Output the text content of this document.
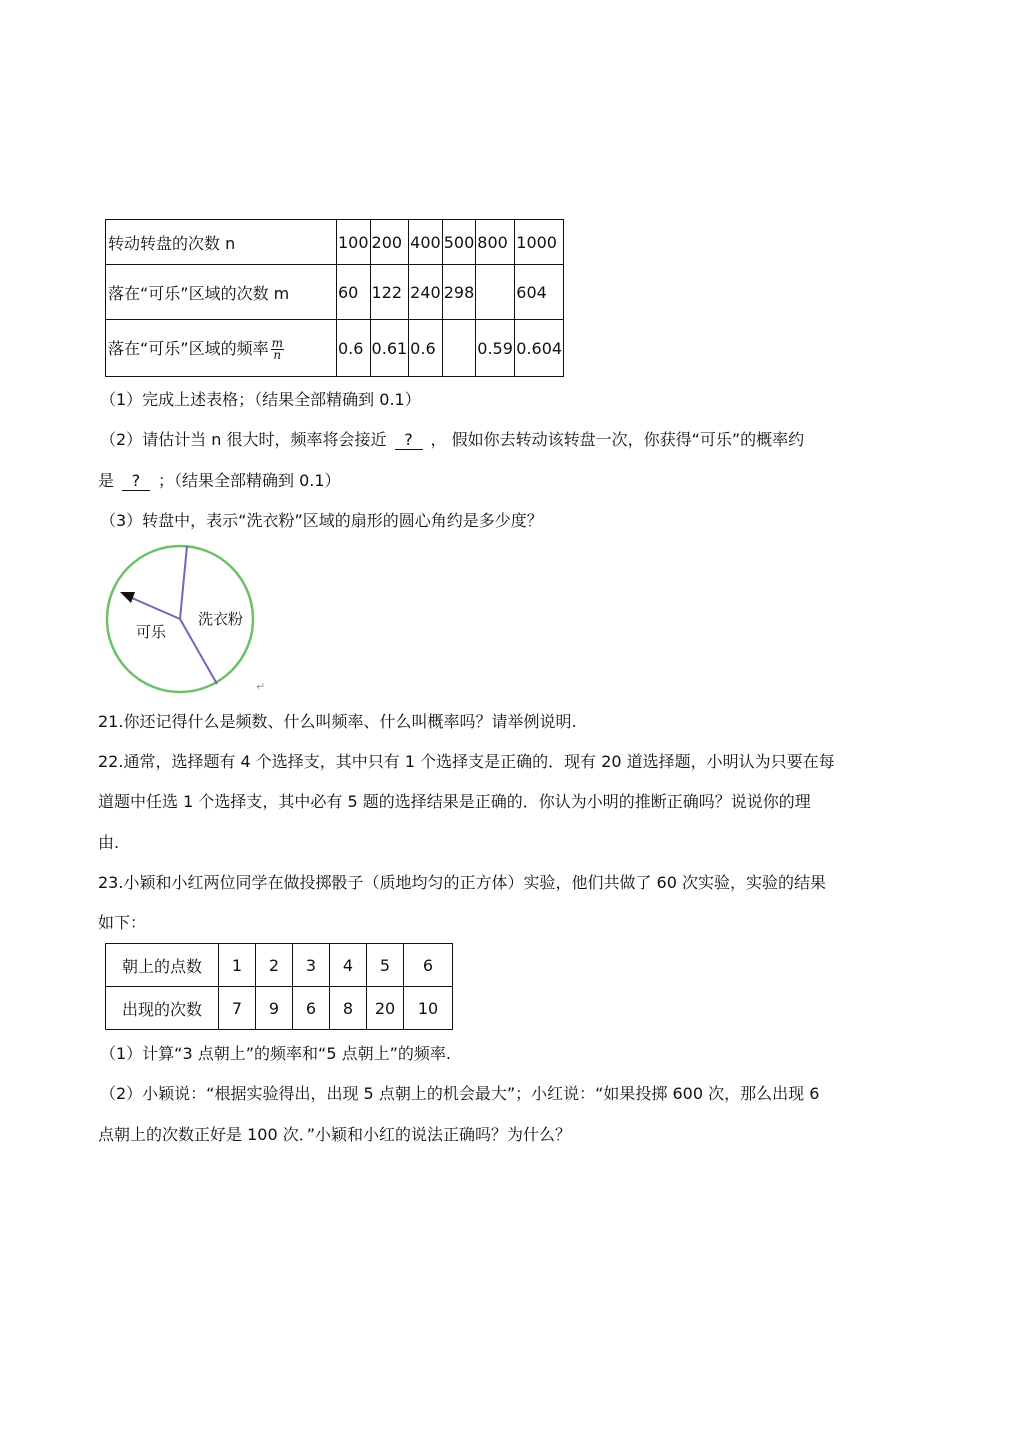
转动转盘的次数 n	100	200	400	500	800	1000
落在“可乐”区域的次数 m	60	122	240	298		604
落在“可乐”区域的频率 $\frac{m}{n}$	0.6	0.61	0.6		0.59	0.604
（1）完成上述表格；（结果全部精确到 0.1）
（2）请估计当 n 很大时，频率将会接近 ? ， 假如你去转动该转盘一次，你获得“可乐”的概率约
是 ? ；（结果全部精确到 0.1）
（3）转盘中，表示“洗衣粉”区域的扇形的圆心角约是多少度？
可乐
洗衣粉
↵
21.你还记得什么是频数、什么叫频率、什么叫概率吗？请举例说明.
22.通常，选择题有 4 个选择支，其中只有 1 个选择支是正确的．现有 20 道选择题，小明认为只要在每
道题中任选 1 个选择支，其中必有 5 题的选择结果是正确的．你认为小明的推断正确吗？说说你的理
由.
23.小颖和小红两位同学在做投掷骰子（质地均匀的正方体）实验，他们共做了 60 次实验，实验的结果
如下：
朝上的点数	1	2	3	4	5	6
出现的次数	7	9	6	8	20	10
（1）计算“3 点朝上”的频率和“5 点朝上”的频率.
（2）小颖说：“根据实验得出，出现 5 点朝上的机会最大”；小红说：“如果投掷 600 次，那么出现 6
点朝上的次数正好是 100 次．”小颖和小红的说法正确吗？为什么？
